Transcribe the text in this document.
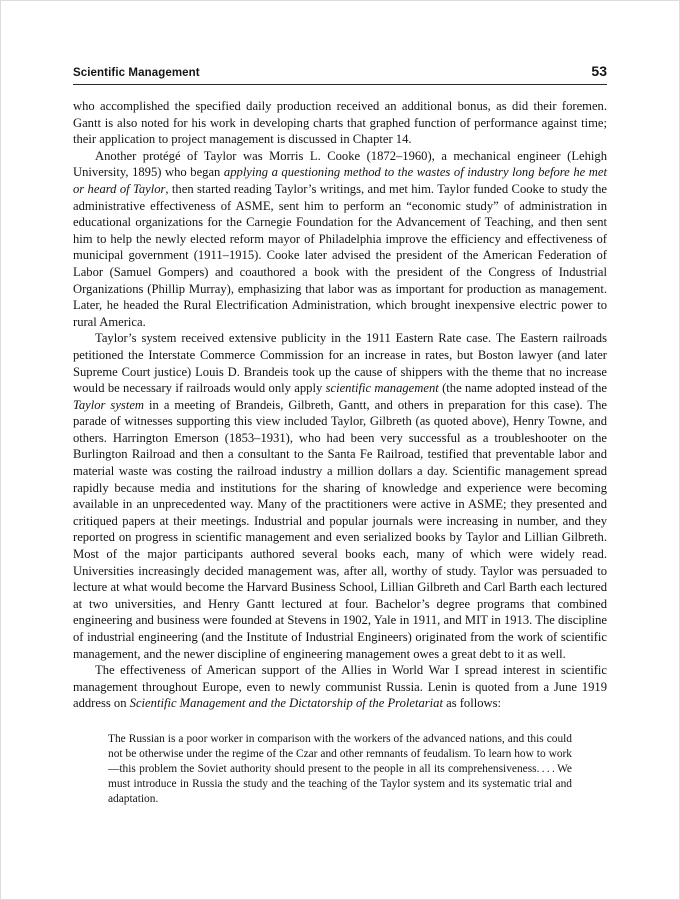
Scientific Management	53

who accomplished the specified daily production received an additional bonus, as did their foremen. Gantt is also noted for his work in developing charts that graphed function of performance against time; their application to project management is discussed in Chapter 14.

Another protégé of Taylor was Morris L. Cooke (1872–1960), a mechanical engineer (Lehigh University, 1895) who began applying a questioning method to the wastes of industry long before he met or heard of Taylor, then started reading Taylor’s writings, and met him. Taylor funded Cooke to study the administrative effectiveness of ASME, sent him to perform an “economic study” of administration in educational organizations for the Carnegie Foundation for the Advancement of Teaching, and then sent him to help the newly elected reform mayor of Philadelphia improve the efficiency and effectiveness of municipal government (1911–1915). Cooke later advised the president of the American Federation of Labor (Samuel Gompers) and coauthored a book with the president of the Congress of Industrial Organizations (Phillip Murray), emphasizing that labor was as important for production as management. Later, he headed the Rural Electrification Administration, which brought inexpensive electric power to rural America.

Taylor’s system received extensive publicity in the 1911 Eastern Rate case. The Eastern railroads petitioned the Interstate Commerce Commission for an increase in rates, but Boston lawyer (and later Supreme Court justice) Louis D. Brandeis took up the cause of shippers with the theme that no increase would be necessary if railroads would only apply scientific management (the name adopted instead of the Taylor system in a meeting of Brandeis, Gilbreth, Gantt, and others in preparation for this case). The parade of witnesses supporting this view included Taylor, Gilbreth (as quoted above), Henry Towne, and others. Harrington Emerson (1853–1931), who had been very successful as a troubleshooter on the Burlington Railroad and then a consultant to the Santa Fe Railroad, testified that preventable labor and material waste was costing the railroad industry a million dollars a day. Scientific management spread rapidly because media and institutions for the sharing of knowledge and experience were becoming available in an unprecedented way. Many of the practitioners were active in ASME; they presented and critiqued papers at their meetings. Industrial and popular journals were increasing in number, and they reported on progress in scientific management and even serialized books by Taylor and Lillian Gilbreth. Most of the major participants authored several books each, many of which were widely read. Universities increasingly decided management was, after all, worthy of study. Taylor was persuaded to lecture at what would become the Harvard Business School, Lillian Gilbreth and Carl Barth each lectured at two universities, and Henry Gantt lectured at four. Bachelor’s degree programs that combined engineering and business were founded at Stevens in 1902, Yale in 1911, and MIT in 1913. The discipline of industrial engineering (and the Institute of Industrial Engineers) originated from the work of scientific management, and the newer discipline of engineering management owes a great debt to it as well.

The effectiveness of American support of the Allies in World War I spread interest in scientific management throughout Europe, even to newly communist Russia. Lenin is quoted from a June 1919 address on Scientific Management and the Dictatorship of the Proletariat as follows:

The Russian is a poor worker in comparison with the workers of the advanced nations, and this could not be otherwise under the regime of the Czar and other remnants of feudalism. To learn how to work—this problem the Soviet authority should present to the people in all its comprehensiveness. . . . We must introduce in Russia the study and the teaching of the Taylor system and its systematic trial and adaptation.
